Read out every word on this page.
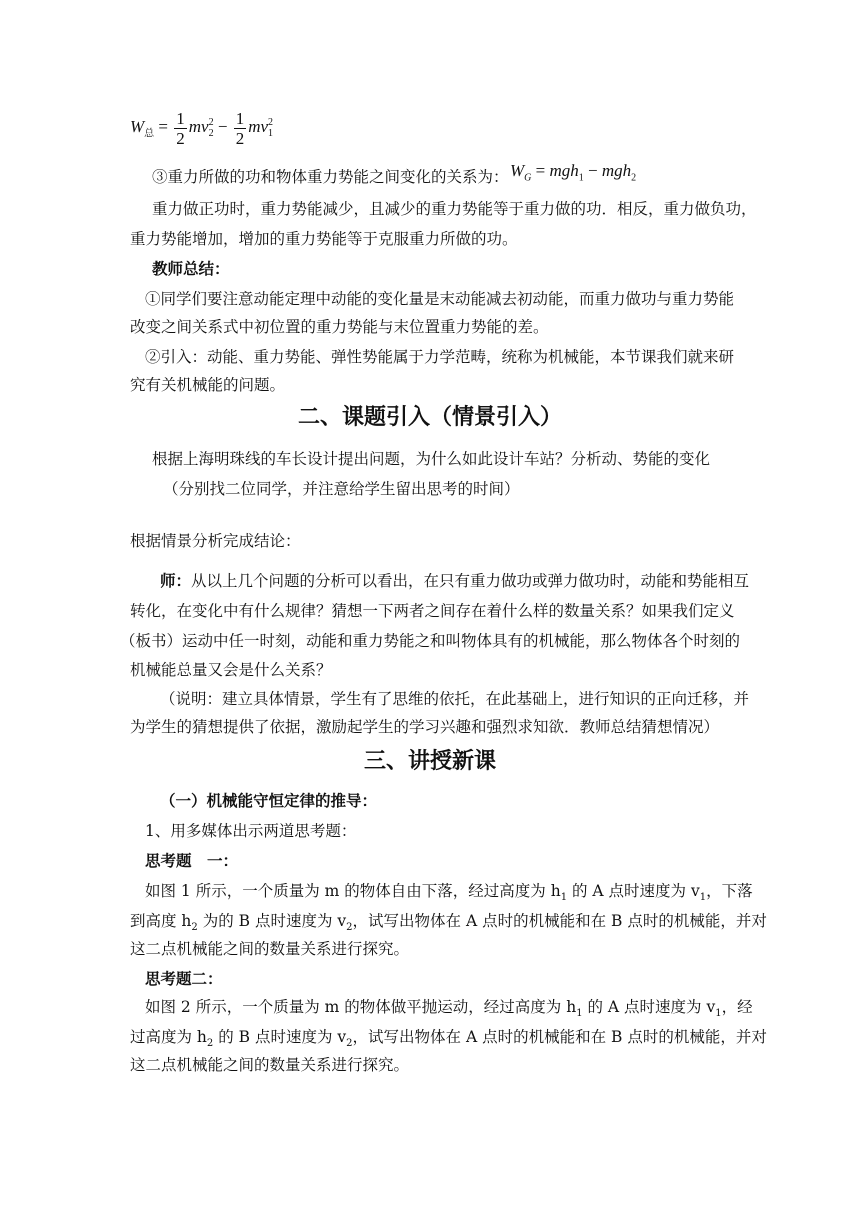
$W_总 = \frac{1}{2}$ mv 2
$2 - \frac{1}{2}$ mv 2
1
③重力所做的功和物体重力势能之间变化的关系为： $W_G = mgh_1 - mgh_2$
重力做正功时，重力势能减少，且减少的重力势能等于重力做的功．相反，重力做负功，
重力势能增加，增加的重力势能等于克服重力所做的功。
教师总结：
①同学们要注意动能定理中动能的变化量是末动能减去初动能，而重力做功与重力势能
改变之间关系式中初位置的重力势能与末位置重力势能的差。
②引入：动能、重力势能、弹性势能属于力学范畴，统称为机械能，本节课我们就来研
究有关机械能的问题。
二、课题引入（情景引入）
根据上海明珠线的车长设计提出问题，为什么如此设计车站？分析动、势能的变化
（分别找二位同学，并注意给学生留出思考的时间）
根据情景分析完成结论：
师：从以上几个问题的分析可以看出，在只有重力做功或弹力做功时，动能和势能相互
转化，在变化中有什么规律？猜想一下两者之间存在着什么样的数量关系？如果我们定义
（板书）运动中任一时刻，动能和重力势能之和叫物体具有的机械能，那么物体各个时刻的
机械能总量又会是什么关系？
（说明：建立具体情景，学生有了思维的依托，在此基础上，进行知识的正向迁移，并
为学生的猜想提供了依据，激励起学生的学习兴趣和强烈求知欲．教师总结猜想情况）
三、讲授新课
（一）机械能守恒定律的推导：
1、用多媒体出示两道思考题：
思考题　一：
如图 1 所示，一个质量为 m 的物体自由下落，经过高度为 $h_1$ 的 A 点时速度为 $v_1$，下落
到高度 $h_2$ 为的 B 点时速度为 $v_2$，试写出物体在 A 点时的机械能和在 B 点时的机械能，并对
这二点机械能之间的数量关系进行探究。
思考题二：
如图 2 所示，一个质量为 m 的物体做平抛运动，经过高度为 $h_1$ 的 A 点时速度为 $v_1$，经
过高度为 $h_2$ 的 B 点时速度为 $v_2$，试写出物体在 A 点时的机械能和在 B 点时的机械能，并对
这二点机械能之间的数量关系进行探究。
